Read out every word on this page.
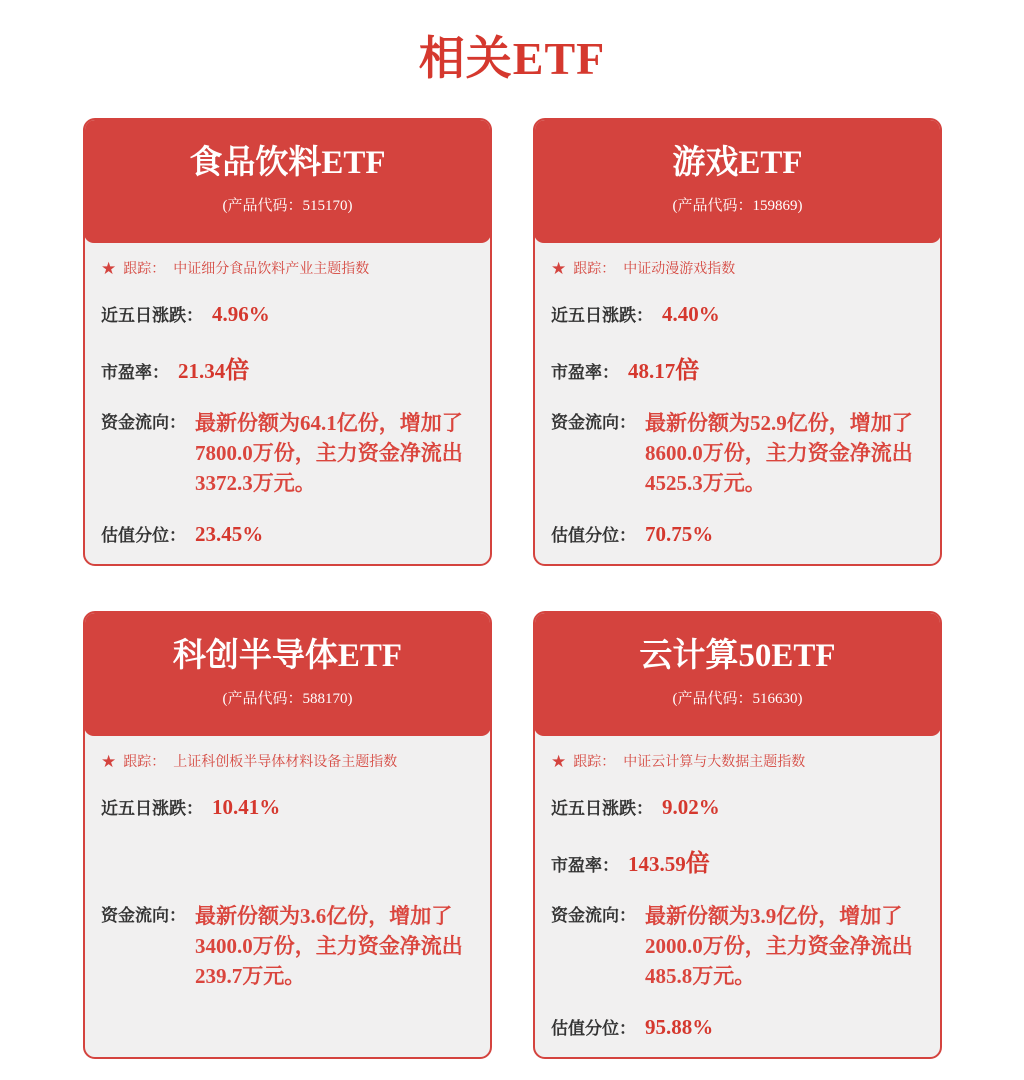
相关ETF
食品饮料ETF
(产品代码：515170)
★ 跟踪： 中证细分食品饮料产业主题指数
近五日涨跌： 4.96%
市盈率： 21.34倍
资金流向： 最新份额为64.1亿份，增加了7800.0万份，主力资金净流出3372.3万元。
估值分位： 23.45%
游戏ETF
(产品代码：159869)
★ 跟踪： 中证动漫游戏指数
近五日涨跌： 4.40%
市盈率： 48.17倍
资金流向： 最新份额为52.9亿份，增加了8600.0万份，主力资金净流出4525.3万元。
估值分位： 70.75%
科创半导体ETF
(产品代码：588170)
★ 跟踪： 上证科创板半导体材料设备主题指数
近五日涨跌： 10.41%
资金流向： 最新份额为3.6亿份，增加了3400.0万份，主力资金净流出239.7万元。
云计算50ETF
(产品代码：516630)
★ 跟踪： 中证云计算与大数据主题指数
近五日涨跌： 9.02%
市盈率： 143.59倍
资金流向： 最新份额为3.9亿份，增加了2000.0万份，主力资金净流出485.8万元。
估值分位： 95.88%
